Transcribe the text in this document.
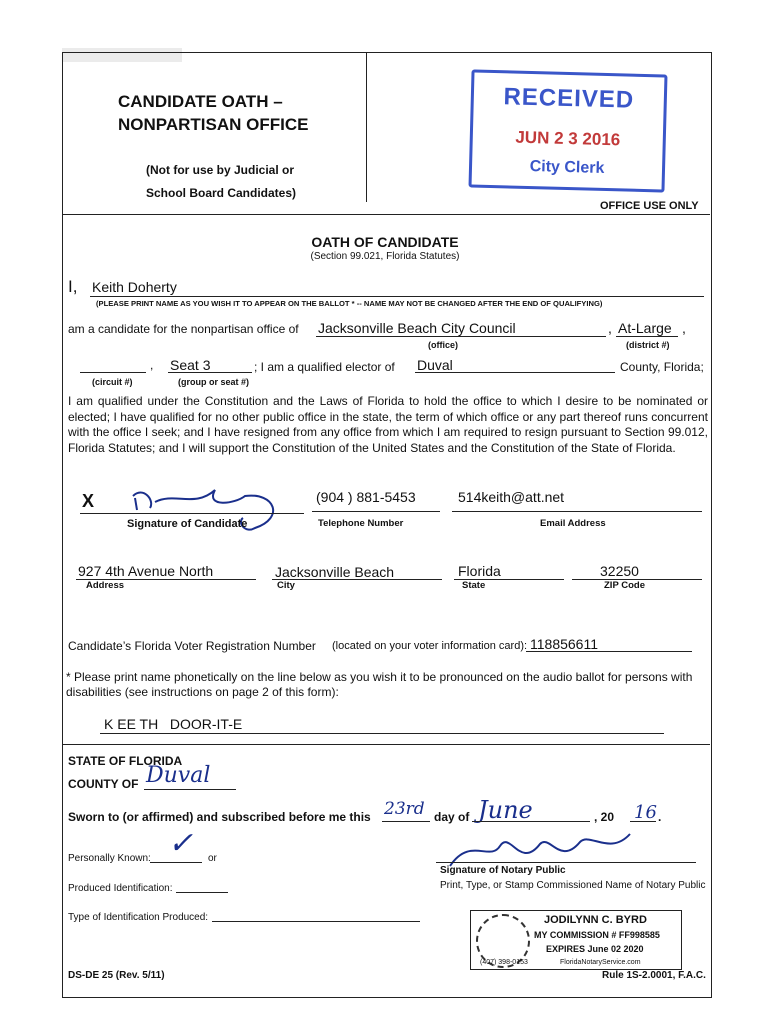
CANDIDATE OATH –
NONPARTISAN OFFICE
(Not for use by Judicial or
School Board Candidates)
OFFICE USE ONLY
RECEIVED
JUN 2 3 2016
City Clerk
OATH OF CANDIDATE
(Section 99.021, Florida Statutes)
I, Keith Doherty
(PLEASE PRINT NAME AS YOU WISH IT TO APPEAR ON THE BALLOT * -- NAME MAY NOT BE CHANGED AFTER THE END OF QUALIFYING)
am a candidate for the nonpartisan office of Jacksonville Beach City Council	, At-Large ,
(office)	(district #)
, Seat 3	; I am a qualified elector of Duval	County, Florida;
(circuit #)	(group or seat #)
I am qualified under the Constitution and the Laws of Florida to hold the office to which I desire to be nominated or elected; I have qualified for no other public office in the state, the term of which office or any part thereof runs concurrent with the office I seek; and I have resigned from any office from which I am required to resign pursuant to Section 99.012, Florida Statutes; and I will support the Constitution of the United States and the Constitution of the State of Florida.
X
Signature of Candidate
(904 ) 881-5453
Telephone Number
514keith@att.net
Email Address
927 4th Avenue North
Address
Jacksonville Beach
City
Florida
State
32250
ZIP Code
Candidate’s Florida Voter Registration Number (located on your voter information card): 118856611
* Please print name phonetically on the line below as you wish it to be pronounced on the audio ballot for persons with disabilities (see instructions on page 2 of this form):
K EE TH   DOOR-IT-E
STATE OF FLORIDA
COUNTY OF Duval
Sworn to (or affirmed) and subscribed before me this 23rd day of June	, 20 16 .
Personally Known: ✓ or
Produced Identification:
Type of Identification Produced:
Signature of Notary Public
Print, Type, or Stamp Commissioned Name of Notary Public
JODILYNN C. BYRD
MY COMMISSION # FF998585
EXPIRES June 02 2020
(407) 398-0153	FloridaNotaryService.com
DS-DE 25 (Rev. 5/11)	Rule 1S-2.0001, F.A.C.
